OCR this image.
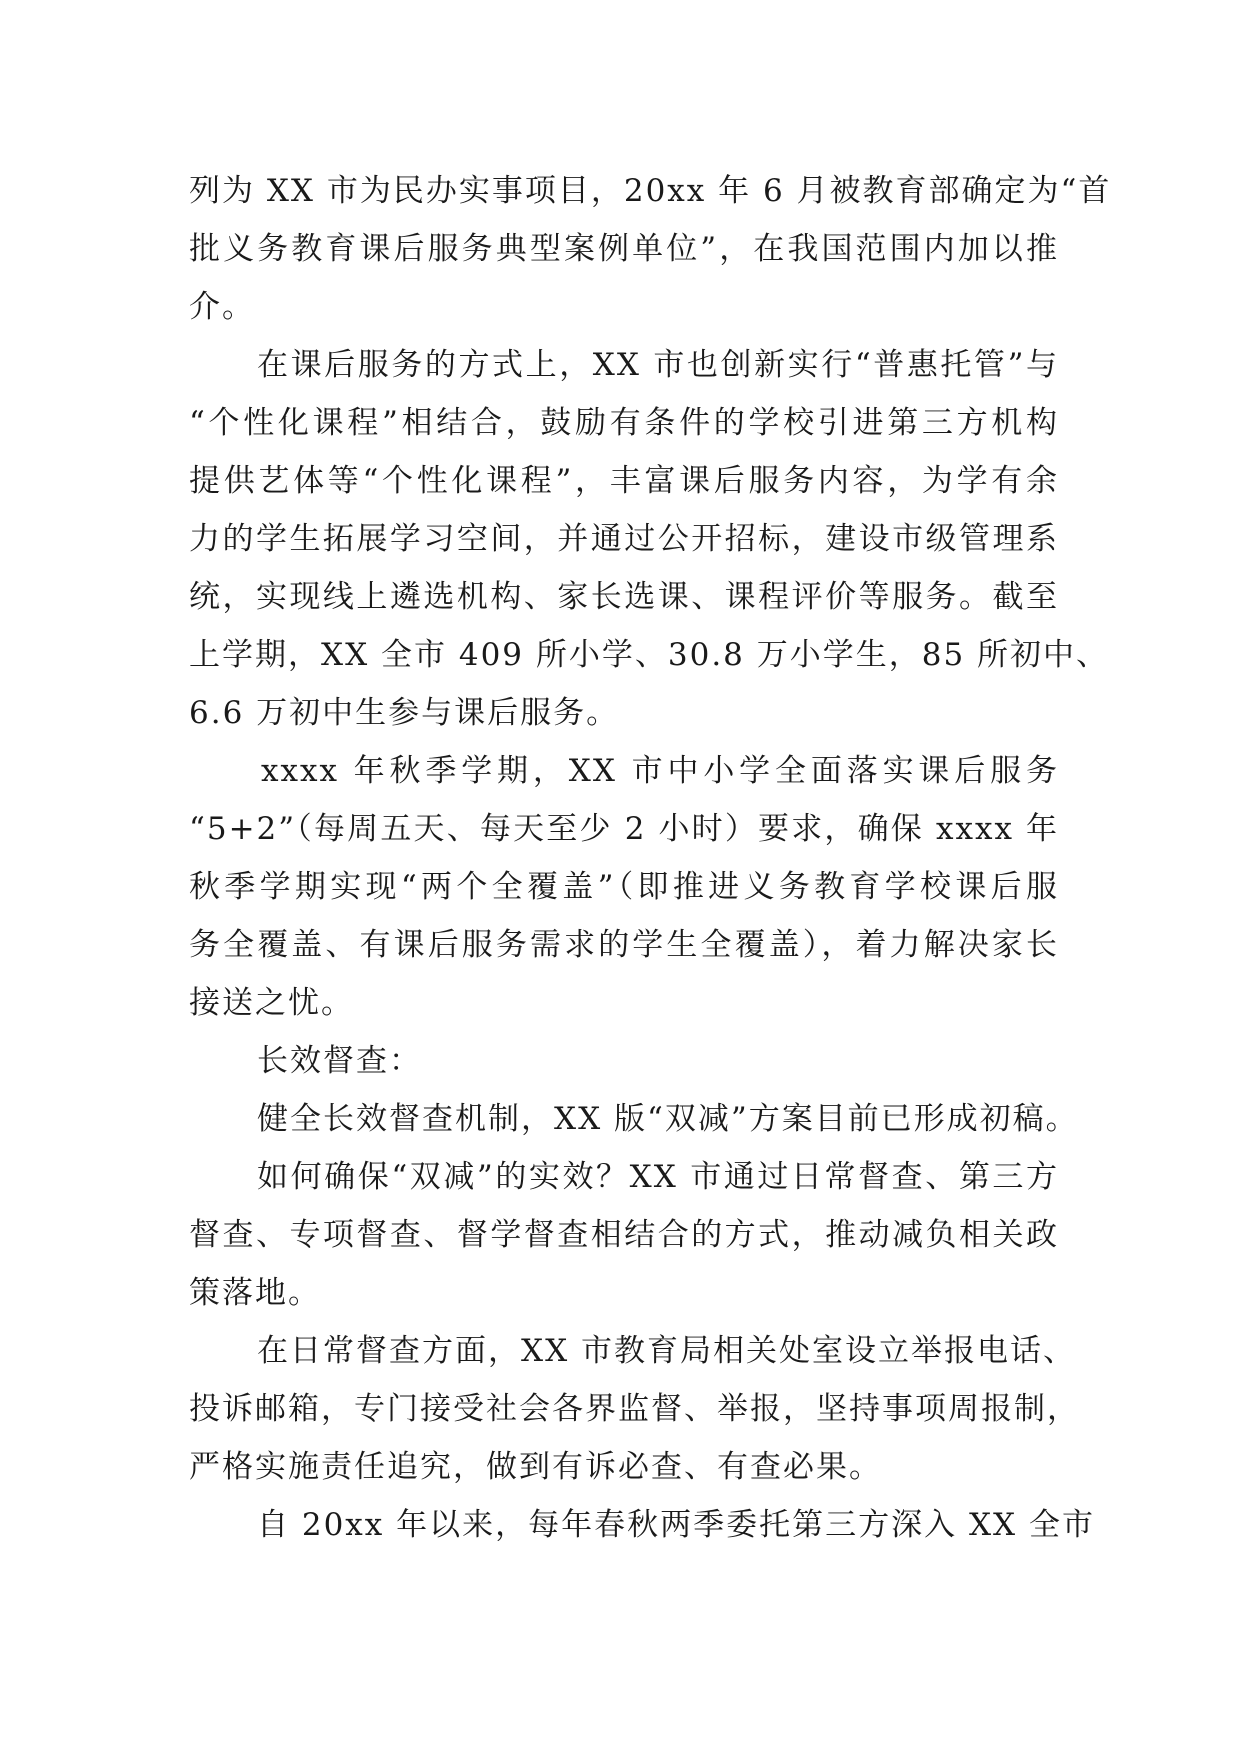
列为 XX 市为民办实事项目，20xx 年 6 月被教育部确定为“首
批义务教育课后服务典型案例单位”，在我国范围内加以推
介。
在课后服务的方式上，XX 市也创新实行“普惠托管”与
“个性化课程”相结合，鼓励有条件的学校引进第三方机构
提供艺体等“个性化课程”，丰富课后服务内容，为学有余
力的学生拓展学习空间，并通过公开招标，建设市级管理系
统，实现线上遴选机构、家长选课、课程评价等服务。截至
上学期，XX 全市 409 所小学、30.8 万小学生，85 所初中、
6.6 万初中生参与课后服务。
xxxx 年秋季学期，XX 市中小学全面落实课后服务
“5+2”（每周五天、每天至少 2 小时）要求，确保 xxxx 年
秋季学期实现“两个全覆盖”（即推进义务教育学校课后服
务全覆盖、有课后服务需求的学生全覆盖），着力解决家长
接送之忧。
长效督查：
健全长效督查机制，XX 版“双减”方案目前已形成初稿。
如何确保“双减”的实效？XX 市通过日常督查、第三方
督查、专项督查、督学督查相结合的方式，推动减负相关政
策落地。
在日常督查方面，XX 市教育局相关处室设立举报电话、
投诉邮箱，专门接受社会各界监督、举报，坚持事项周报制，
严格实施责任追究，做到有诉必查、有查必果。
自 20xx 年以来，每年春秋两季委托第三方深入 XX 全市
